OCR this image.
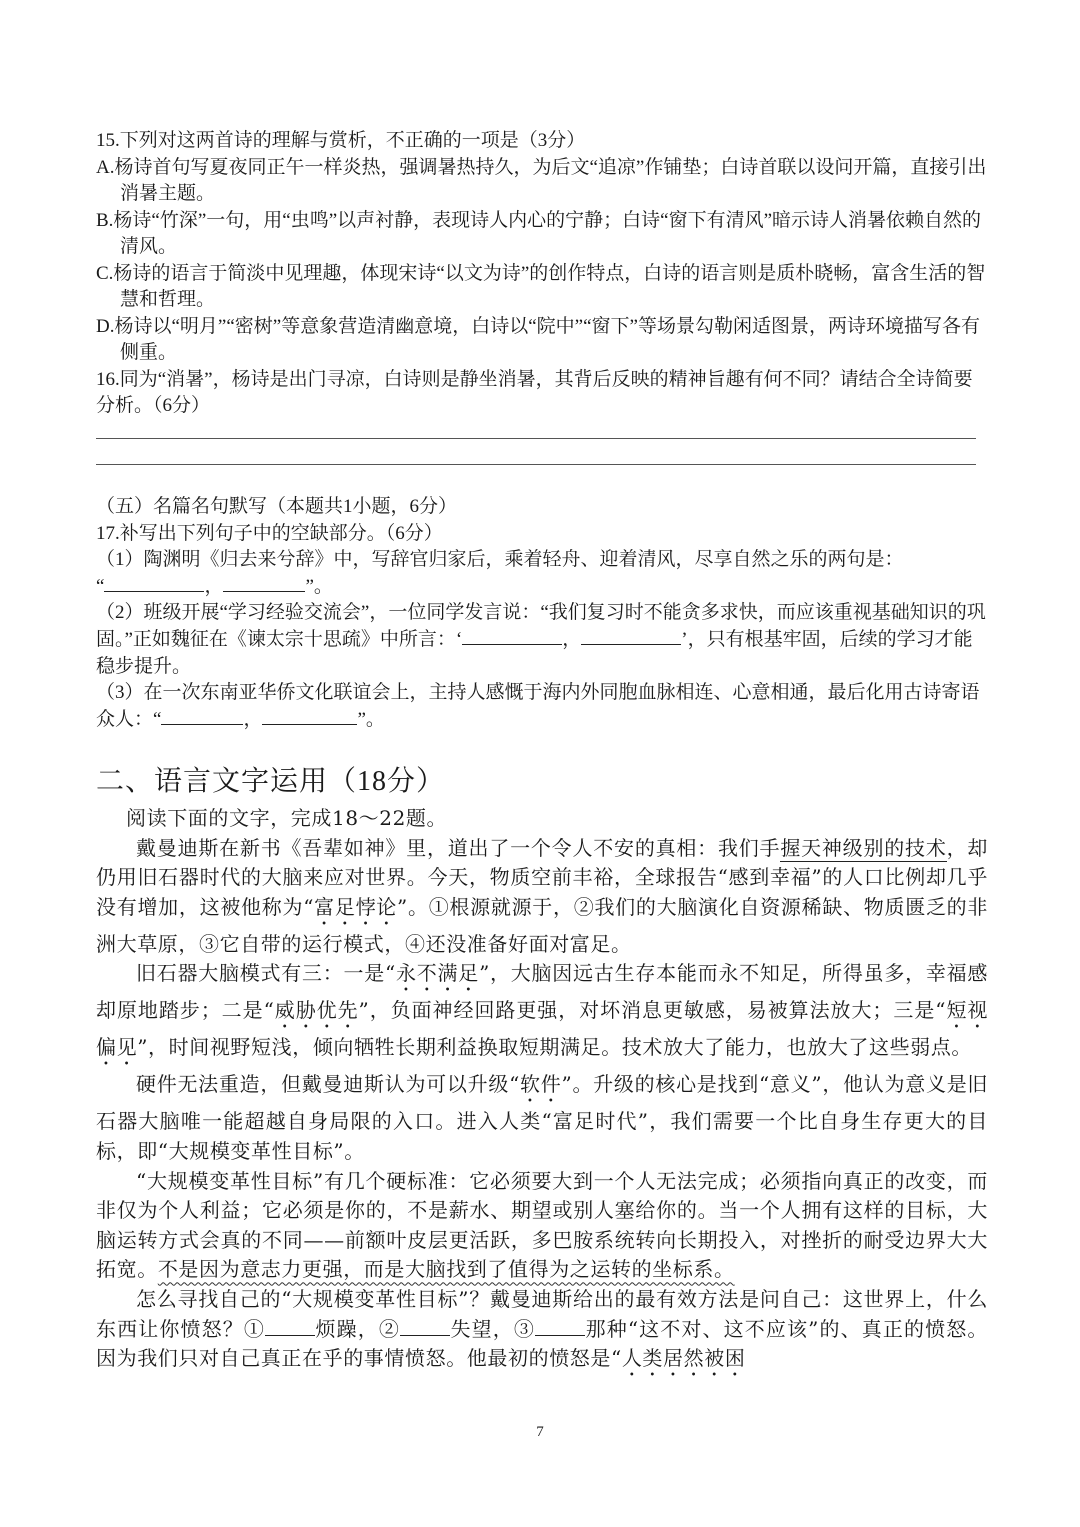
15.下列对这两首诗的理解与赏析，不正确的一项是（3分）

A.杨诗首句写夏夜同正午一样炎热，强调暑热持久，为后文“追凉”作铺垫；白诗首联以设问开篇，直接引出消暑主题。

B.杨诗“竹深”一句，用“虫鸣”以声衬静，表现诗人内心的宁静；白诗“窗下有清风”暗示诗人消暑依赖自然的清风。

C.杨诗的语言于简淡中见理趣，体现宋诗“以文为诗”的创作特点，白诗的语言则是质朴晓畅，富含生活的智慧和哲理。

D.杨诗以“明月”“密树”等意象营造清幽意境，白诗以“院中”“窗下”等场景勾勒闲适图景，两诗环境描写各有侧重。

16.同为“消暑”，杨诗是出门寻凉，白诗则是静坐消暑，其背后反映的精神旨趣有何不同？请结合全诗简要分析。（6分）

（五）名篇名句默写（本题共1小题，6分）
17.补写出下列句子中的空缺部分。（6分）
（1）陶渊明《归去来兮辞》中，写辞官归家后，乘着轻舟、迎着清风，尽享自然之乐的两句是：
“	，	”。
（2）班级开展“学习经验交流会”，一位同学发言说：“我们复习时不能贪多求快，而应该重视基础知识的巩固。”正如魏征在《谏太宗十思疏》中所言：‘	，	’，只有根基牢固，后续的学习才能稳步提升。
（3）在一次东南亚华侨文化联谊会上，主持人感慨于海内外同胞血脉相连、心意相通，最后化用古诗寄语众人：“	，	”。
二、语言文字运用（18分）

阅读下面的文字，完成18～22题。

戴曼迪斯在新书《吾辈如神》里，道出了一个令人不安的真相：我们手握天神级别的技术，却仍用旧石器时代的大脑来应对世界。今天，物质空前丰裕，全球报告“感到幸福”的人口比例却几乎没有增加，这被他称为“富足悖论”。①根源就源于，②我们的大脑演化自资源稀缺、物质匮乏的非洲大草原，③它自带的运行模式，④还没准备好面对富足。

旧石器大脑模式有三：一是“永不满足”，大脑因远古生存本能而永不知足，所得虽多，幸福感却原地踏步；二是“威胁优先”，负面神经回路更强，对坏消息更敏感，易被算法放大；三是“短视偏见”，时间视野短浅，倾向牺牲长期利益换取短期满足。技术放大了能力，也放大了这些弱点。

硬件无法重造，但戴曼迪斯认为可以升级“软件”。升级的核心是找到“意义”，他认为意义是旧石器大脑唯一能超越自身局限的入口。进入人类“富足时代”，我们需要一个比自身生存更大的目标，即“大规模变革性目标”。

“大规模变革性目标”有几个硬标准：它必须要大到一个人无法完成；必须指向真正的改变，而非仅为个人利益；它必须是你的，不是薪水、期望或别人塞给你的。当一个人拥有这样的目标，大脑运转方式会真的不同——前额叶皮层更活跃，多巴胺系统转向长期投入，对挫折的耐受边界大大拓宽。不是因为意志力更强，而是大脑找到了值得为之运转的坐标系。

怎么寻找自己的“大规模变革性目标”？戴曼迪斯给出的最有效方法是问自己：这世界上，什么东西让你愤怒？①	烦躁，②	失望，③	那种“这不对、这不应该”的、真正的愤怒。因为我们只对自己真正在乎的事情愤怒。他最初的愤怒是“人类居然被困

7
